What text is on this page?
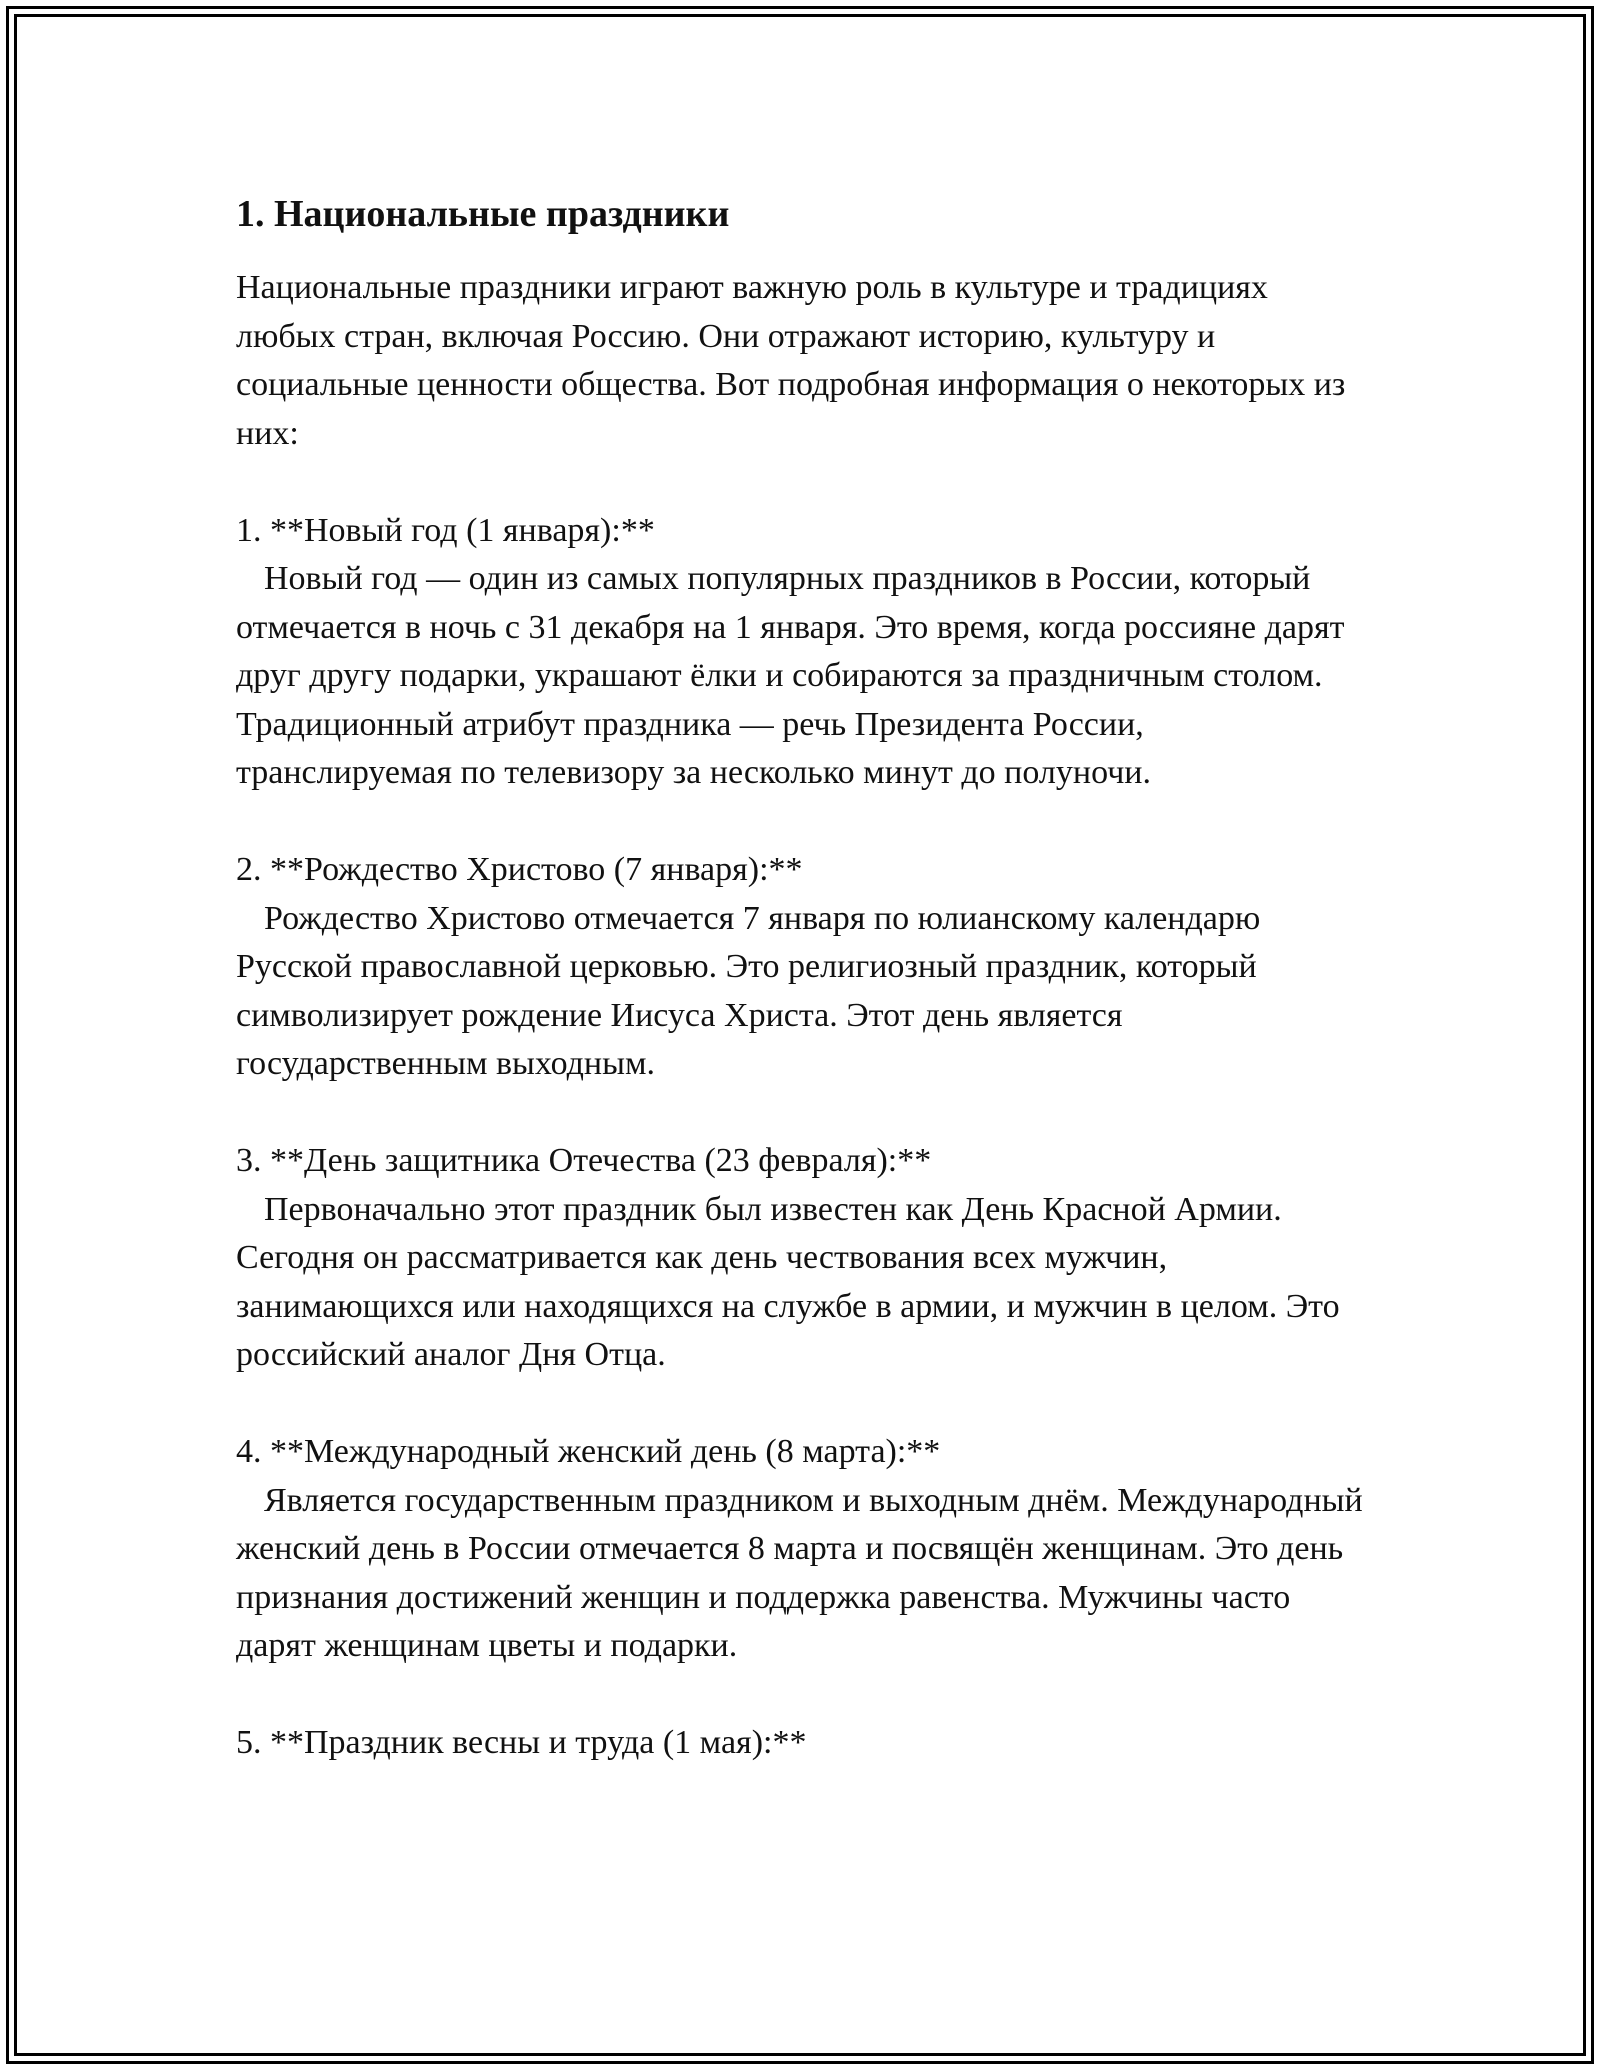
1. Национальные праздники

Национальные праздники играют важную роль в культуре и традициях любых стран, включая Россию. Они отражают историю, культуру и социальные ценности общества. Вот подробная информация о некоторых из них:

1. **Новый год (1 января):**

Новый год — один из самых популярных праздников в России, который отмечается в ночь с 31 декабря на 1 января. Это время, когда россияне дарят друг другу подарки, украшают ёлки и собираются за праздничным столом. Традиционный атрибут праздника — речь Президента России, транслируемая по телевизору за несколько минут до полуночи.

2. **Рождество Христово (7 января):**

Рождество Христово отмечается 7 января по юлианскому календарю Русской православной церковью. Это религиозный праздник, который символизирует рождение Иисуса Христа. Этот день является государственным выходным.

3. **День защитника Отечества (23 февраля):**

Первоначально этот праздник был известен как День Красной Армии. Сегодня он рассматривается как день чествования всех мужчин, занимающихся или находящихся на службе в армии, и мужчин в целом. Это российский аналог Дня Отца.

4. **Международный женский день (8 марта):**

Является государственным праздником и выходным днём. Международный женский день в России отмечается 8 марта и посвящён женщинам. Это день признания достижений женщин и поддержка равенства. Мужчины часто дарят женщинам цветы и подарки.

5. **Праздник весны и труда (1 мая):**
